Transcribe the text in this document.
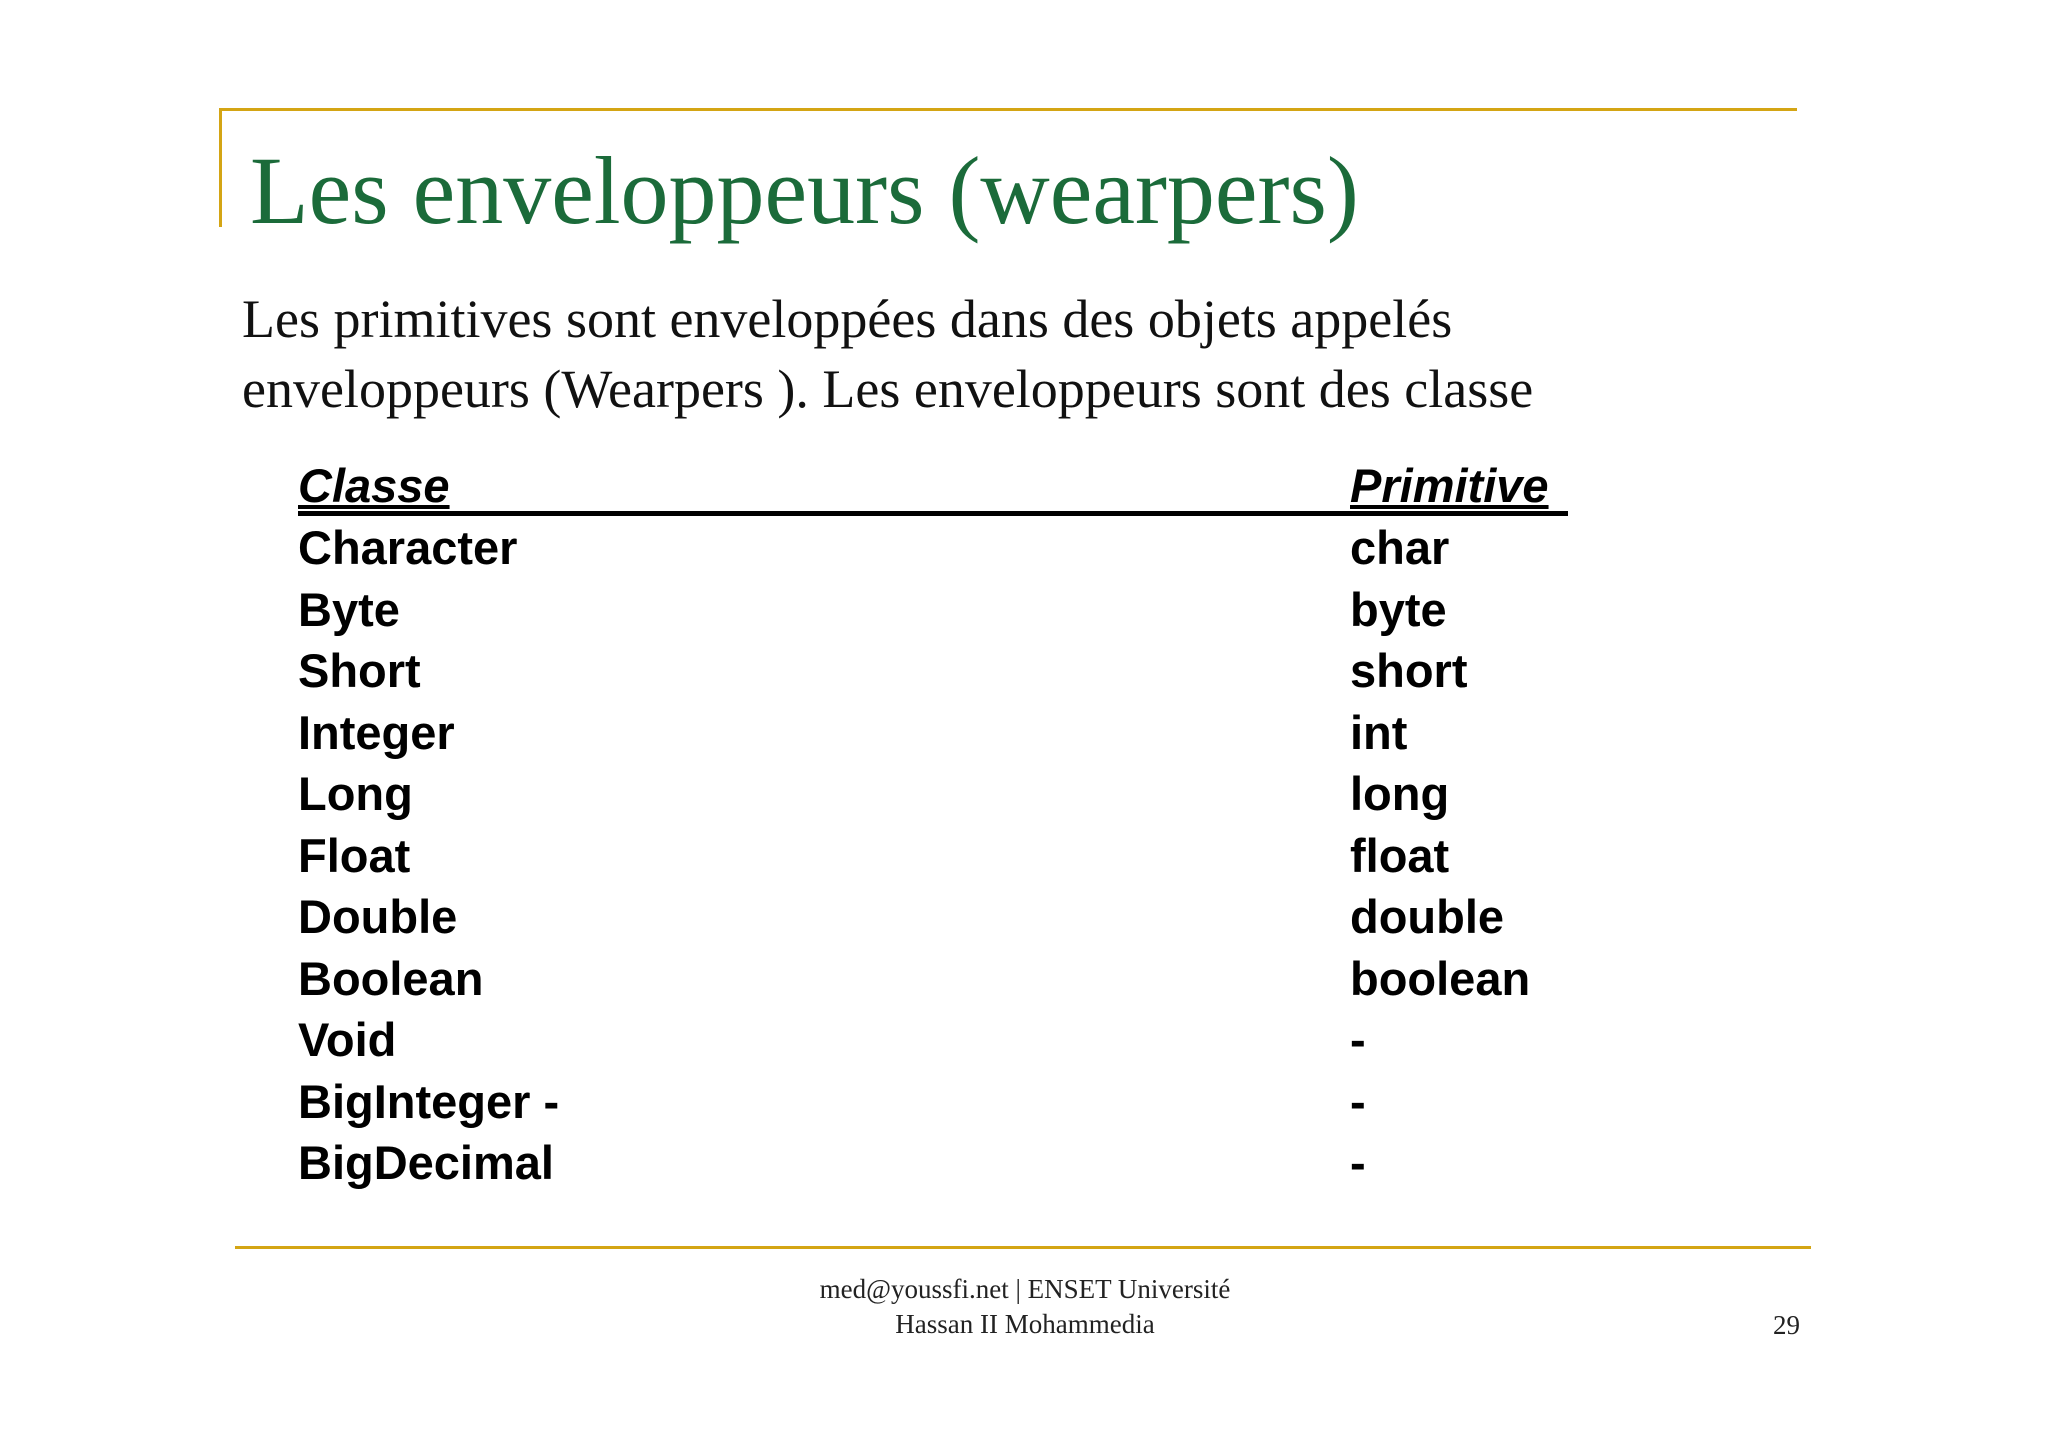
Les enveloppeurs (wearpers)
Les primitives sont enveloppées dans des objets appelés
enveloppeurs (Wearpers ). Les enveloppeurs sont des classe
Classe	Primitive
Character	char
Byte	byte
Short	short
Integer	int
Long	long
Float	float
Double	double
Boolean	boolean
Void	-
BigInteger -	-
BigDecimal	-
med@youssfi.net | ENSET Université
Hassan II Mohammedia	29
